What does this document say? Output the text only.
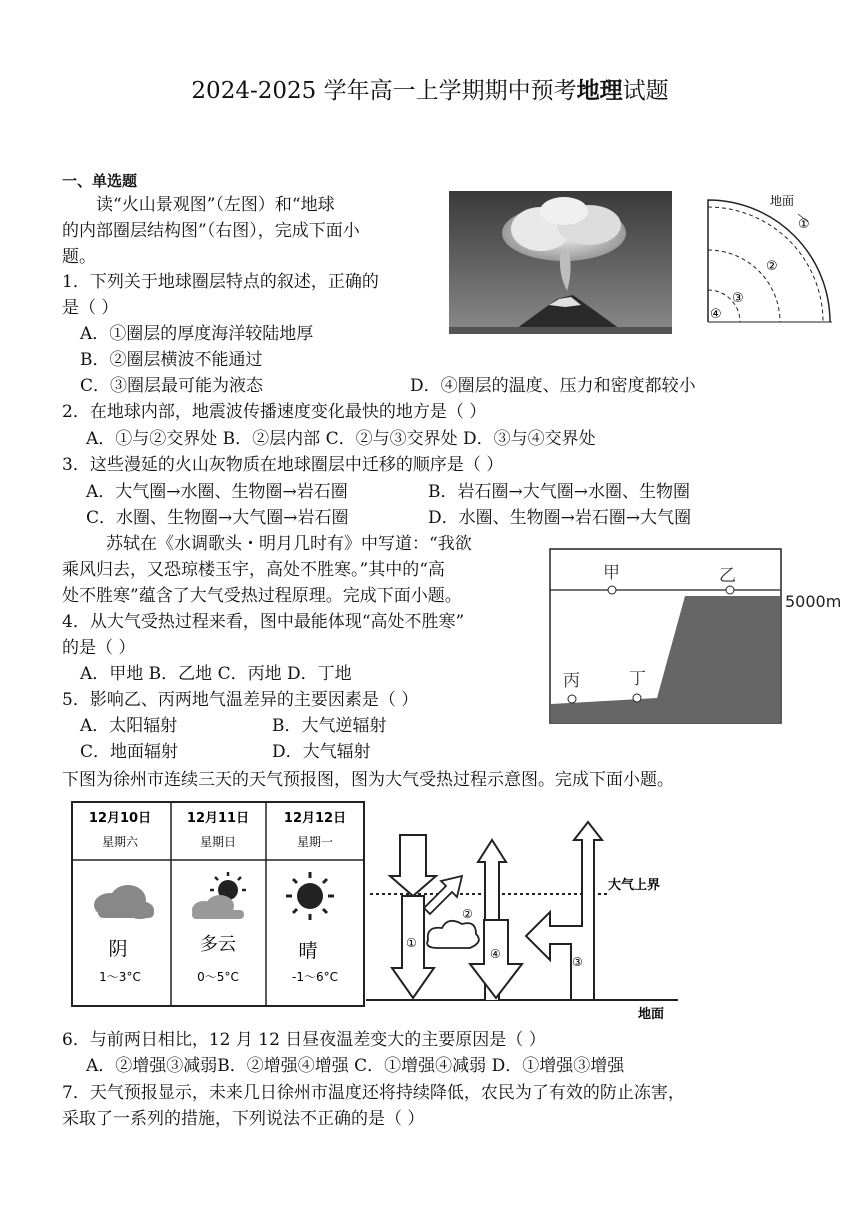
2024-2025 学年高一上学期期中预考地理试题
一、单选题
读“火山景观图”（左图）和“地球
的内部圈层结构图”（右图），完成下面小
题。
1．下列关于地球圈层特点的叙述，正确的
是（ ）
A．①圈层的厚度海洋较陆地厚
B．②圈层横波不能通过
C．③圈层最可能为液态	D．④圈层的温度、压力和密度都较小
2．在地球内部，地震波传播速度变化最快的地方是（ ）
A．①与②交界处 B．②层内部 C．②与③交界处 D．③与④交界处
3．这些漫延的火山灰物质在地球圈层中迁移的顺序是（ ）
A．大气圈→水圈、生物圈→岩石圈	B．岩石圈→大气圈→水圈、生物圈
C．水圈、生物圈→大气圈→岩石圈	D．水圈、生物圈→岩石圈→大气圈
苏轼在《水调歌头・明月几时有》中写道：“我欲
乘风归去，又恐琼楼玉宇，高处不胜寒。”其中的“高
处不胜寒”蕴含了大气受热过程原理。完成下面小题。
4．从大气受热过程来看，图中最能体现“高处不胜寒”
的是（ ）
A．甲地 B．乙地 C．丙地 D．丁地
5．影响乙、丙两地气温差异的主要因素是（ ）
A．太阳辐射	B．大气逆辐射
C．地面辐射	D．大气辐射
下图为徐州市连续三天的天气预报图，图为大气受热过程示意图。完成下面小题。
6．与前两日相比，12 月 12 日昼夜温差变大的主要原因是（ ）
A．②增强③减弱B．②增强④增强 C．①增强④减弱 D．①增强③增强
7．天气预报显示，未来几日徐州市温度还将持续降低，农民为了有效的防止冻害，
采取了一系列的措施，下列说法不正确的是（ ）
地面
①
②
③
④
甲	乙
丙	丁
5000m
12月10日
星期六
阴
1～3°C
12月11日
星期日
多云
0～5°C
12月12日
星期一
晴
-1～6°C
大气上界
地面
①
②
④
③
